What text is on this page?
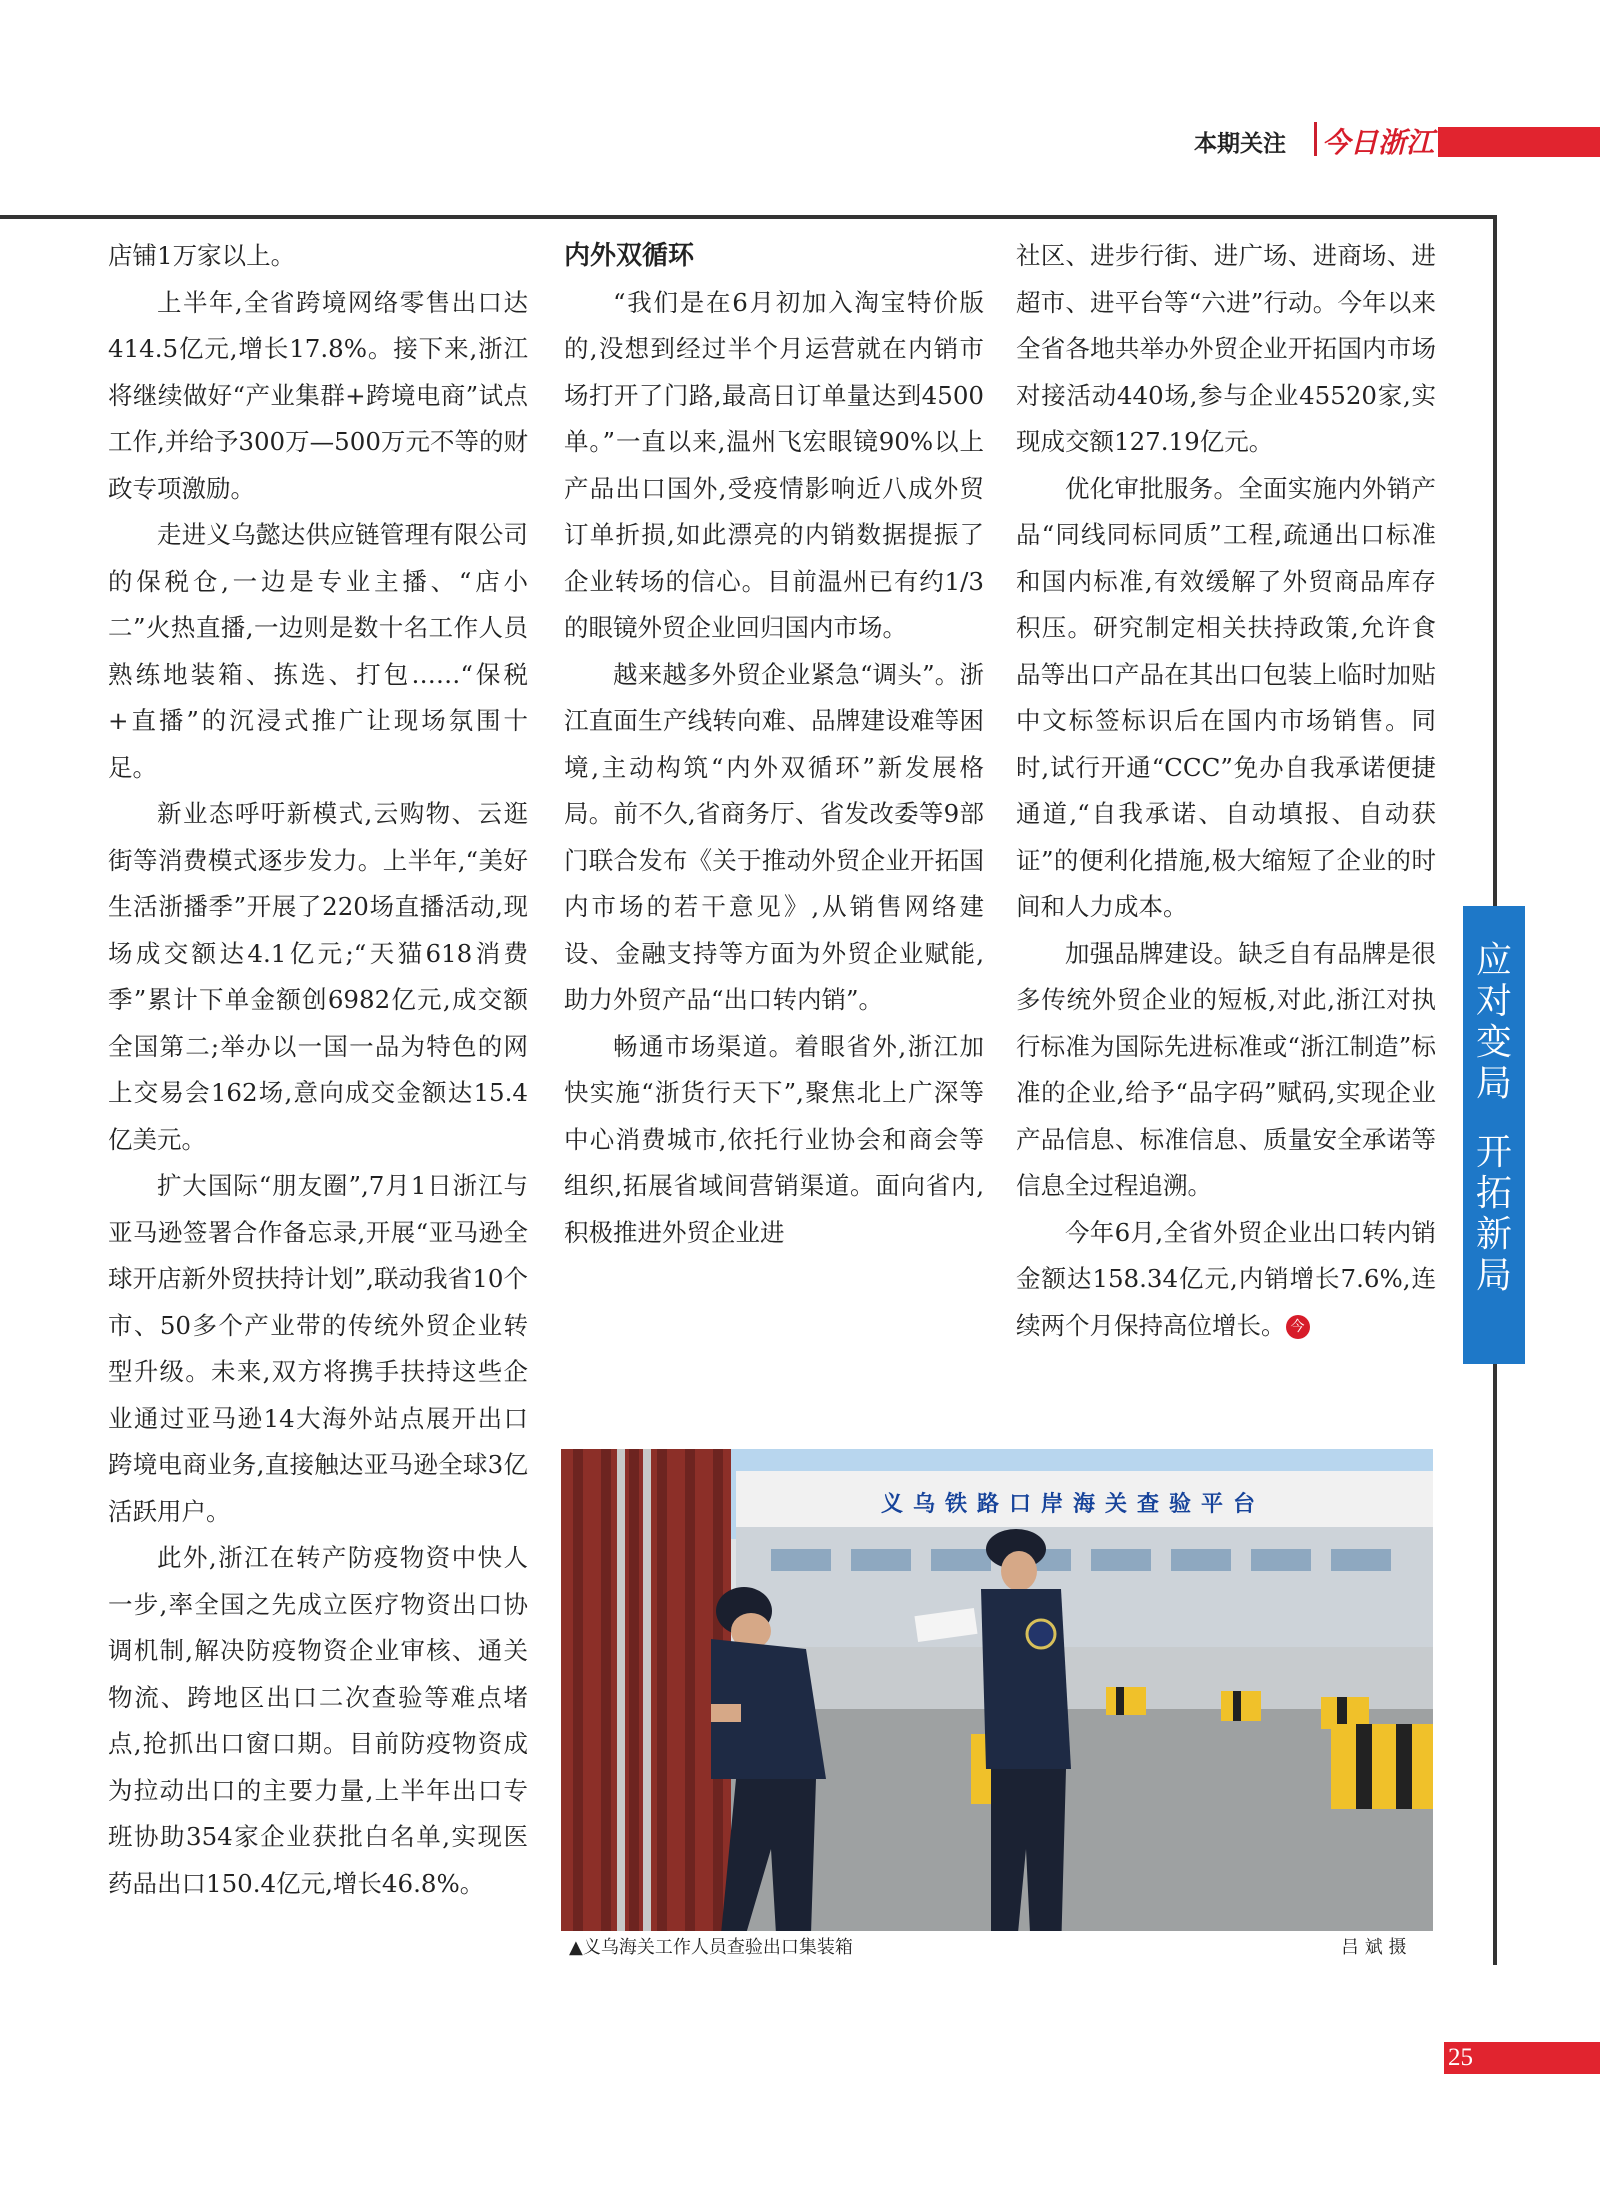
本期关注 今日浙江

店铺1万家以上。

上半年,全省跨境网络零售出口达414.5亿元,增长17.8%。接下来,浙江将继续做好“产业集群+跨境电商”试点工作,并给予300万—500万元不等的财政专项激励。

走进义乌懿达供应链管理有限公司的保税仓,一边是专业主播、“店小二”火热直播,一边则是数十名工作人员熟练地装箱、拣选、打包……“保税+直播”的沉浸式推广让现场氛围十足。

新业态呼吁新模式,云购物、云逛街等消费模式逐步发力。上半年,“美好生活浙播季”开展了220场直播活动,现场成交额达4.1亿元;“天猫618消费季”累计下单金额创6982亿元,成交额全国第二;举办以一国一品为特色的网上交易会162场,意向成交金额达15.4亿美元。

扩大国际“朋友圈”,7月1日浙江与亚马逊签署合作备忘录,开展“亚马逊全球开店新外贸扶持计划”,联动我省10个市、50多个产业带的传统外贸企业转型升级。未来,双方将携手扶持这些企业通过亚马逊14大海外站点展开出口跨境电商业务,直接触达亚马逊全球3亿活跃用户。

此外,浙江在转产防疫物资中快人一步,率全国之先成立医疗物资出口协调机制,解决防疫物资企业审核、通关物流、跨地区出口二次查验等难点堵点,抢抓出口窗口期。目前防疫物资成为拉动出口的主要力量,上半年出口专班协助354家企业获批白名单,实现医药品出口150.4亿元,增长46.8%。

内外双循环

“我们是在6月初加入淘宝特价版的,没想到经过半个月运营就在内销市场打开了门路,最高日订单量达到4500单。”一直以来,温州飞宏眼镜90%以上产品出口国外,受疫情影响近八成外贸订单折损,如此漂亮的内销数据提振了企业转场的信心。目前温州已有约1/3的眼镜外贸企业回归国内市场。

越来越多外贸企业紧急“调头”。浙江直面生产线转向难、品牌建设难等困境,主动构筑“内外双循环”新发展格局。前不久,省商务厅、省发改委等9部门联合发布《关于推动外贸企业开拓国内市场的若干意见》,从销售网络建设、金融支持等方面为外贸企业赋能,助力外贸产品“出口转内销”。

畅通市场渠道。着眼省外,浙江加快实施“浙货行天下”,聚焦北上广深等中心消费城市,依托行业协会和商会等组织,拓展省域间营销渠道。面向省内,积极推进外贸企业进

社区、进步行街、进广场、进商场、进超市、进平台等“六进”行动。今年以来全省各地共举办外贸企业开拓国内市场对接活动440场,参与企业45520家,实现成交额127.19亿元。

优化审批服务。全面实施内外销产品“同线同标同质”工程,疏通出口标准和国内标准,有效缓解了外贸商品库存积压。研究制定相关扶持政策,允许食品等出口产品在其出口包装上临时加贴中文标签标识后在国内市场销售。同时,试行开通“CCC”免办自我承诺便捷通道,“自我承诺、自动填报、自动获证”的便利化措施,极大缩短了企业的时间和人力成本。

加强品牌建设。缺乏自有品牌是很多传统外贸企业的短板,对此,浙江对执行标准为国际先进标准或“浙江制造”标准的企业,给予“品字码”赋码,实现企业产品信息、标准信息、质量安全承诺等信息全过程追溯。

今年6月,全省外贸企业出口转内销金额达158.34亿元,内销增长7.6%,连续两个月保持高位增长。 今

应对变局
开拓新局
义乌铁路口岸海关查验平台
▲义乌海关工作人员查验出口集装箱	吕 斌 摄
25
